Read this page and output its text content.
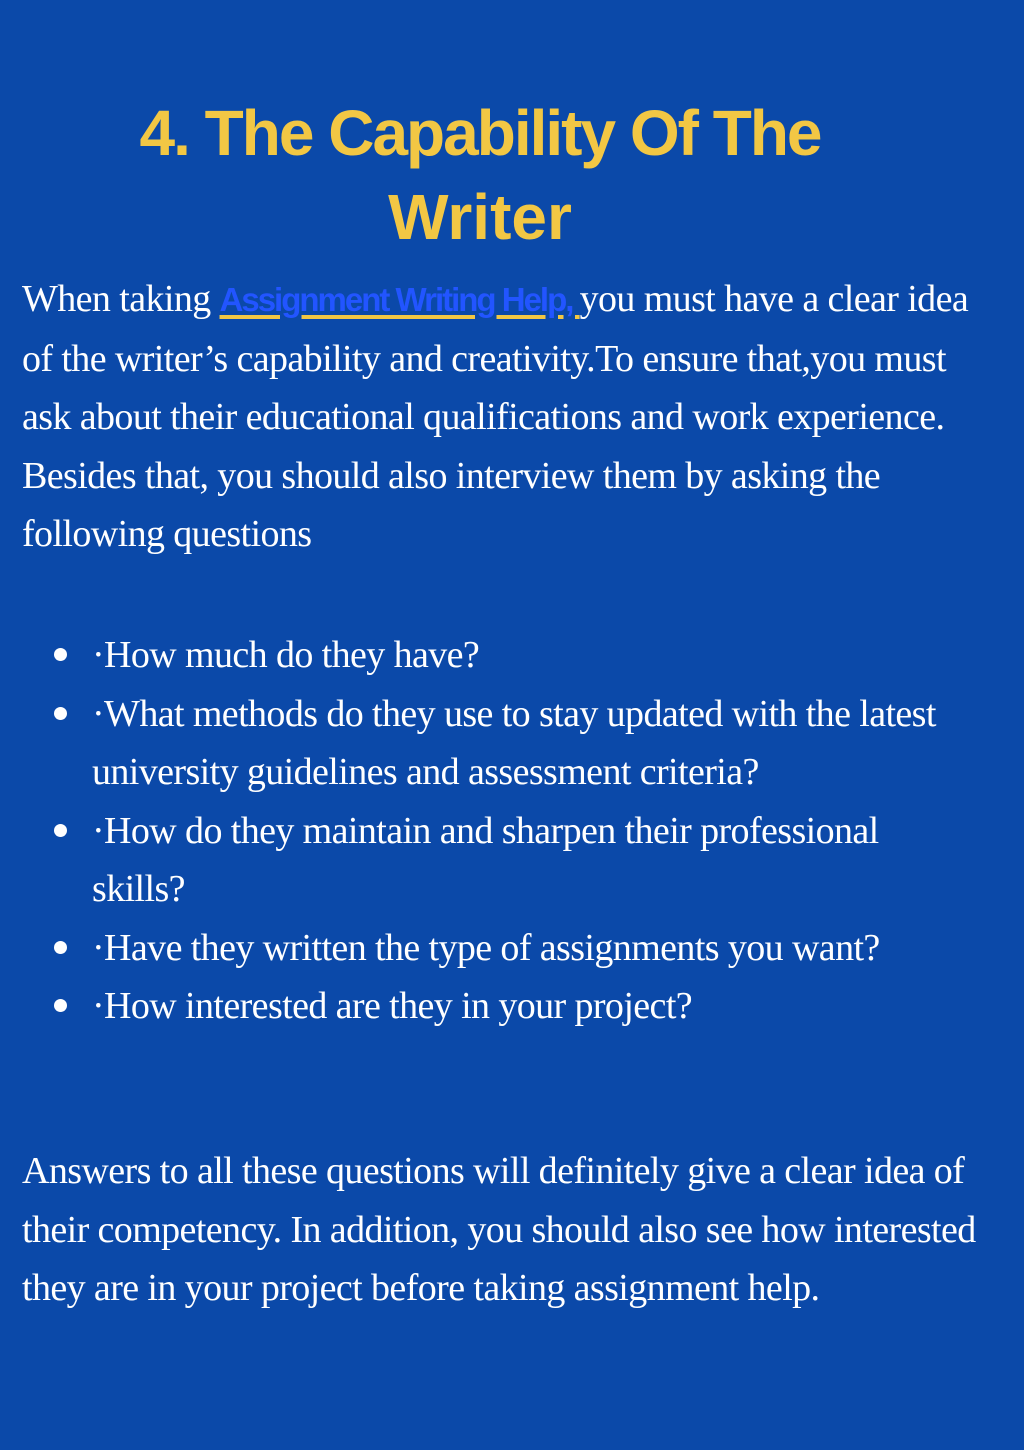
4. The Capability Of The
Writer

When taking Assignment Writing Help, you must have a clear idea of the writer’s capability and creativity.To ensure that,you must ask about their educational qualifications and work experience. Besides that, you should also interview them by asking the following questions

·How much do they have?
·What methods do they use to stay updated with the latest university guidelines and assessment criteria?
·How do they maintain and sharpen their professional skills?
·Have they written the type of assignments you want?
·How interested are they in your project?

Answers to all these questions will definitely give a clear idea of their competency. In addition, you should also see how interested they are in your project before taking assignment help.
